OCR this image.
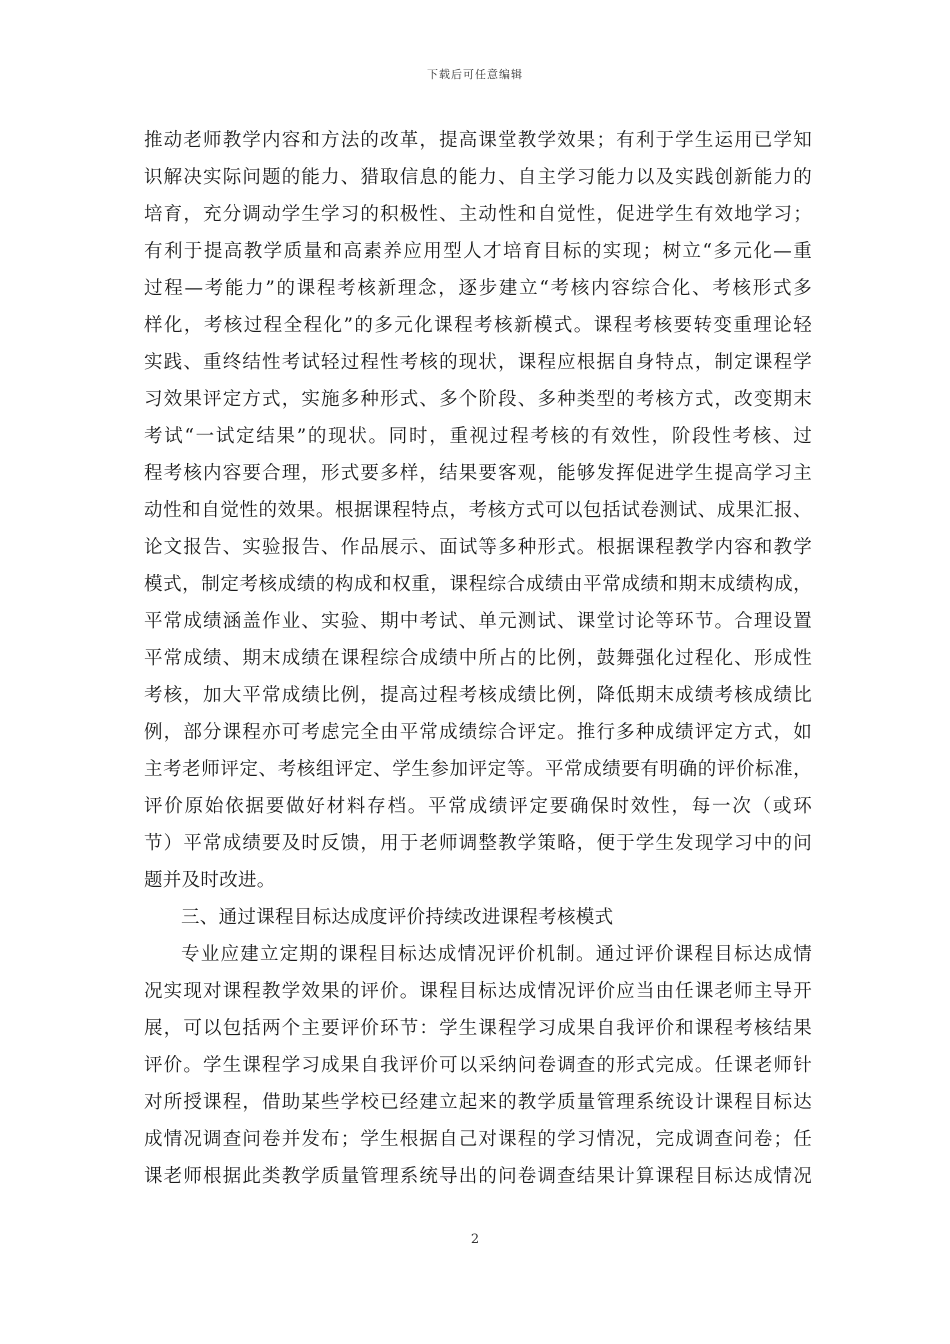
下载后可任意编辑
推动老师教学内容和方法的改革，提高课堂教学效果；有利于学生运用已学知
识解决实际问题的能力、猎取信息的能力、自主学习能力以及实践创新能力的
培育，充分调动学生学习的积极性、主动性和自觉性，促进学生有效地学习；
有利于提高教学质量和高素养应用型人才培育目标的实现；树立“多元化—重
过程—考能力”的课程考核新理念，逐步建立“考核内容综合化、考核形式多
样化，考核过程全程化”的多元化课程考核新模式。课程考核要转变重理论轻
实践、重终结性考试轻过程性考核的现状，课程应根据自身特点，制定课程学
习效果评定方式，实施多种形式、多个阶段、多种类型的考核方式，改变期末
考试“一试定结果”的现状。同时，重视过程考核的有效性，阶段性考核、过
程考核内容要合理，形式要多样，结果要客观，能够发挥促进学生提高学习主
动性和自觉性的效果。根据课程特点，考核方式可以包括试卷测试、成果汇报、
论文报告、实验报告、作品展示、面试等多种形式。根据课程教学内容和教学
模式，制定考核成绩的构成和权重，课程综合成绩由平常成绩和期末成绩构成，
平常成绩涵盖作业、实验、期中考试、单元测试、课堂讨论等环节。合理设置
平常成绩、期末成绩在课程综合成绩中所占的比例，鼓舞强化过程化、形成性
考核，加大平常成绩比例，提高过程考核成绩比例，降低期末成绩考核成绩比
例，部分课程亦可考虑完全由平常成绩综合评定。推行多种成绩评定方式，如
主考老师评定、考核组评定、学生参加评定等。平常成绩要有明确的评价标准，
评价原始依据要做好材料存档。平常成绩评定要确保时效性，每一次（或环
节）平常成绩要及时反馈，用于老师调整教学策略，便于学生发现学习中的问
题并及时改进。
三、通过课程目标达成度评价持续改进课程考核模式
专业应建立定期的课程目标达成情况评价机制。通过评价课程目标达成情
况实现对课程教学效果的评价。课程目标达成情况评价应当由任课老师主导开
展，可以包括两个主要评价环节：学生课程学习成果自我评价和课程考核结果
评价。学生课程学习成果自我评价可以采纳问卷调查的形式完成。任课老师针
对所授课程，借助某些学校已经建立起来的教学质量管理系统设计课程目标达
成情况调查问卷并发布；学生根据自己对课程的学习情况，完成调查问卷；任
课老师根据此类教学质量管理系统导出的问卷调查结果计算课程目标达成情况
2
